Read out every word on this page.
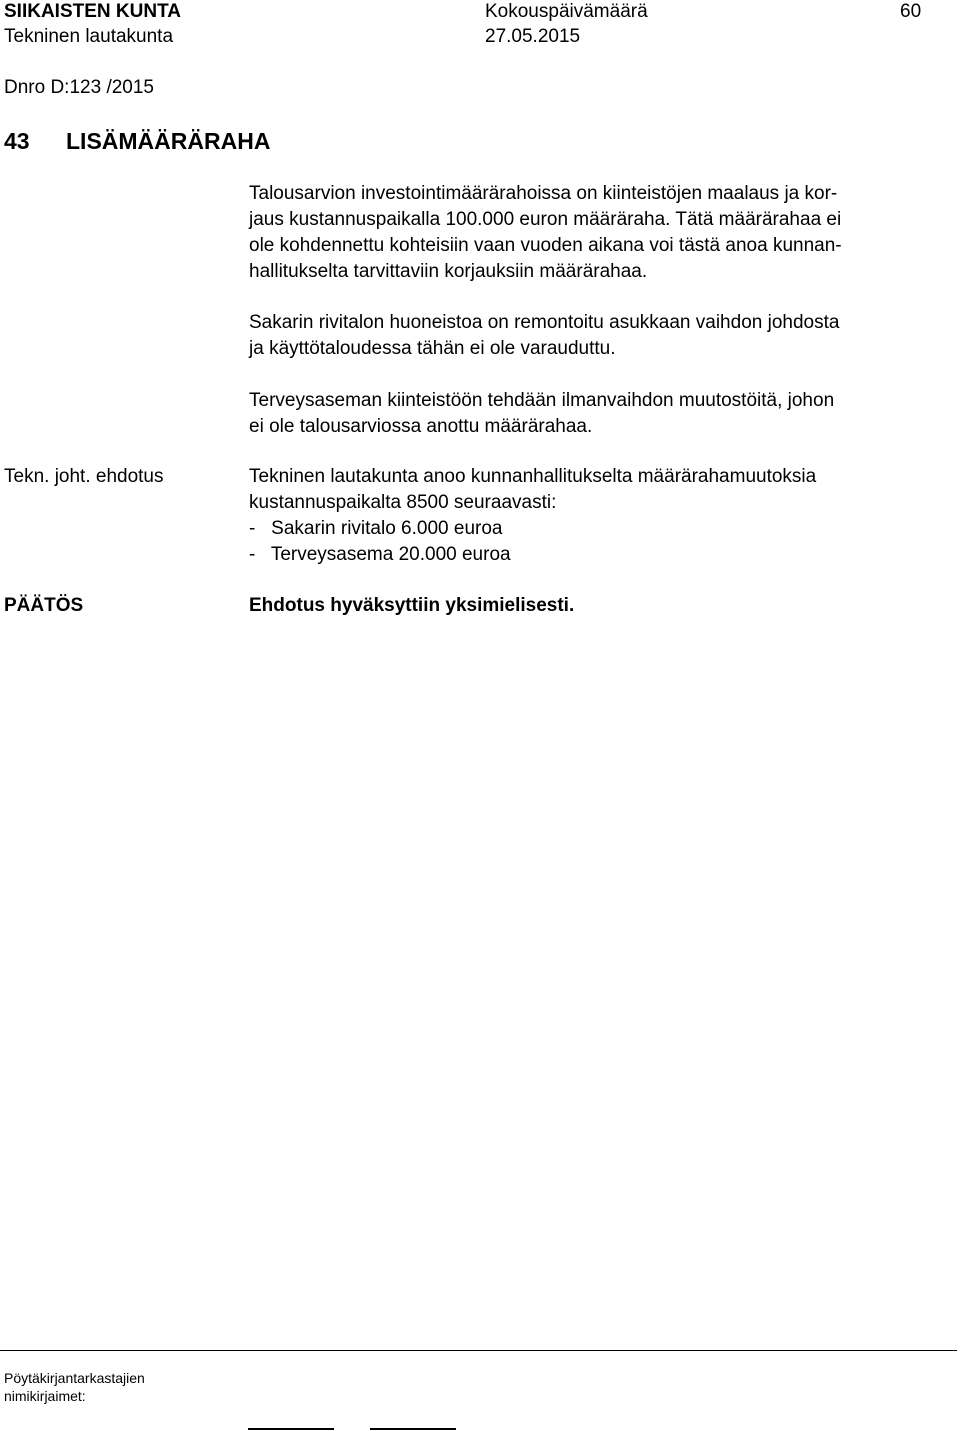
SIIKAISTEN KUNTA	Kokouspäivämäärä	60
Tekninen lautakunta	27.05.2015
Dnro D:123 /2015
43 LISÄMÄÄRÄRAHA
Talousarvion investointimäärärahoissa on kiinteistöjen maalaus ja kor-
jaus kustannuspaikalla 100.000 euron määräraha. Tätä määrärahaa ei
ole kohdennettu kohteisiin vaan vuoden aikana voi tästä anoa kunnan-
hallitukselta tarvittaviin korjauksiin määrärahaa.
Sakarin rivitalon huoneistoa on remontoitu asukkaan vaihdon johdosta
ja käyttötaloudessa tähän ei ole varauduttu.
Terveysaseman kiinteistöön tehdään ilmanvaihdon muutostöitä, johon
ei ole talousarviossa anottu määrärahaa.
Tekn. joht. ehdotus	Tekninen lautakunta anoo kunnanhallitukselta määrärahamuutoksia
kustannuspaikalta 8500 seuraavasti:
-   Sakarin rivitalo 6.000 euroa
-   Terveysasema 20.000 euroa
PÄÄTÖS	Ehdotus hyväksyttiin yksimielisesti.
Pöytäkirjantarkastajien
nimikirjaimet:
